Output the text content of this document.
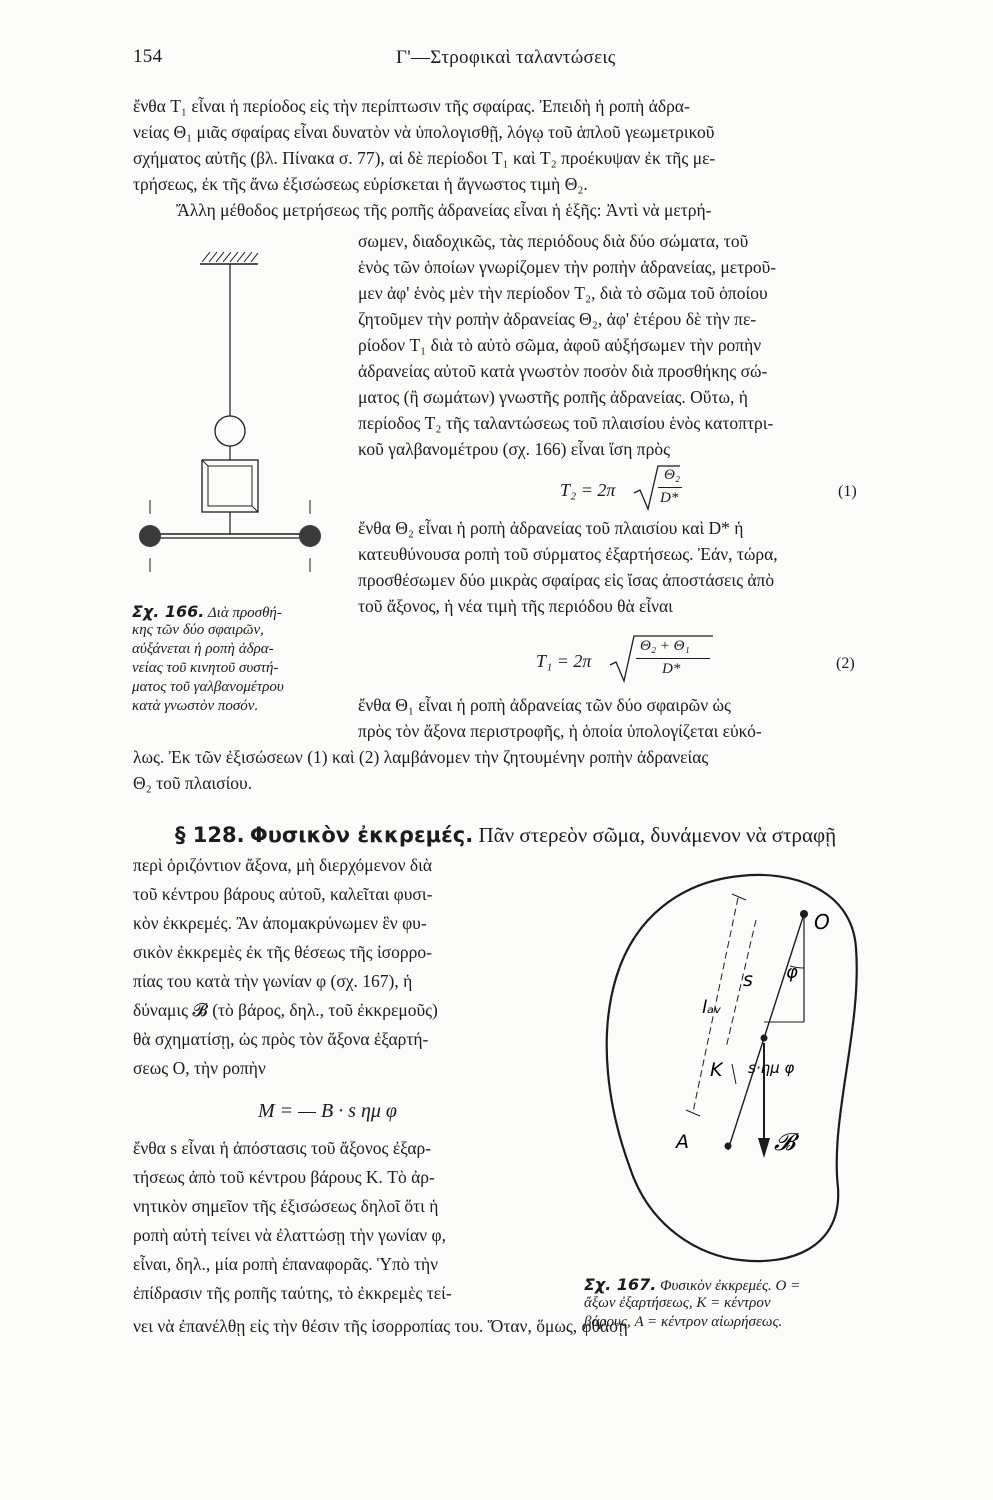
154	Γ'—Στροφικαὶ ταλαντώσεις
ἔνθα T₁ εἶναι ἡ περίοδος εἰς τὴν περίπτωσιν τῆς σφαίρας. Ἐπειδὴ ἡ ροπὴ ἀδρα-
νείας Θ₁ μιᾶς σφαίρας εἶναι δυνατὸν νὰ ὑπολογισθῇ, λόγῳ τοῦ ἁπλοῦ γεωμετρικοῦ
σχήματος αὐτῆς (βλ. Πίνακα σ. 77), αἱ δὲ περίοδοι T₁ καὶ T₂ προέκυψαν ἐκ τῆς με-
τρήσεως, ἐκ τῆς ἄνω ἐξισώσεως εὑρίσκεται ἡ ἄγνωστος τιμὴ Θ₂.
Ἄλλη μέθοδος μετρήσεως τῆς ροπῆς ἀδρανείας εἶναι ἡ ἑξῆς: Ἀντὶ νὰ μετρή-
σωμεν, διαδοχικῶς, τὰς περιόδους διὰ δύο σώματα, τοῦ
ἑνὸς τῶν ὁποίων γνωρίζομεν τὴν ροπὴν ἀδρανείας, μετροῦ-
μεν ἀφ' ἑνὸς μὲν τὴν περίοδον T₂, διὰ τὸ σῶμα τοῦ ὁποίου
ζητοῦμεν τὴν ροπὴν ἀδρανείας Θ₂, ἀφ' ἑτέρου δὲ τὴν πε-
ρίοδον T₁ διὰ τὸ αὐτὸ σῶμα, ἀφοῦ αὐξήσωμεν τὴν ροπὴν
ἀδρανείας αὐτοῦ κατὰ γνωστὸν ποσὸν διὰ προσθήκης σώ-
ματος (ἢ σωμάτων) γνωστῆς ροπῆς ἀδρανείας. Οὕτω, ἡ
περίοδος T₂ τῆς ταλαντώσεως τοῦ πλαισίου ἑνὸς κατοπτρι-
κοῦ γαλβανομέτρου (σχ. 166) εἶναι ἴση πρὸς
T₂ = 2π
Θ₂
D*	(1)
ἔνθα Θ₂ εἶναι ἡ ροπὴ ἀδρανείας τοῦ πλαισίου καὶ D* ἡ
κατευθύνουσα ροπὴ τοῦ σύρματος ἐξαρτήσεως. Ἐάν, τώρα,
προσθέσωμεν δύο μικρὰς σφαίρας εἰς ἴσας ἀποστάσεις ἀπὸ
τοῦ ἄξονος, ἡ νέα τιμὴ τῆς περιόδου θὰ εἶναι
T₁ = 2π
Θ₂ + Θ₁
D*	(2)
ἔνθα Θ₁ εἶναι ἡ ροπὴ ἀδρανείας τῶν δύο σφαιρῶν ὡς
πρὸς τὸν ἄξονα περιστροφῆς, ἡ ὁποία ὑπολογίζεται εὐκό-
λως. Ἐκ τῶν ἐξισώσεων (1) καὶ (2) λαμβάνομεν τὴν ζητουμένην ροπὴν ἀδρανείας
Θ₂ τοῦ πλαισίου.
Σχ. 166. Διὰ προσθή-
κης τῶν δύο σφαιρῶν,
αὐξάνεται ἡ ροπὴ ἀδρα-
νείας τοῦ κινητοῦ συστή-
ματος τοῦ γαλβανομέτρου
κατὰ γνωστὸν ποσόν.
§ 128. Φυσικὸν ἐκκρεμές. Πᾶν στερεὸν σῶμα, δυνάμενον νὰ στραφῇ
περὶ ὁριζόντιον ἄξονα, μὴ διερχόμενον διὰ
τοῦ κέντρου βάρους αὐτοῦ, καλεῖται φυσι-
κὸν ἐκκρεμές. Ἂν ἀπομακρύνωμεν ἓν φυ-
σικὸν ἐκκρεμὲς ἐκ τῆς θέσεως τῆς ἰσορρο-
πίας του κατὰ τὴν γωνίαν φ (σχ. 167), ἡ
δύναμις 𝓑 (τὸ βάρος, δηλ., τοῦ ἐκκρεμοῦς)
θὰ σχηματίσῃ, ὡς πρὸς τὸν ἄξονα ἐξαρτή-
σεως O, τὴν ροπὴν
M = — B · s ημ φ
ἔνθα s εἶναι ἡ ἀπόστασις τοῦ ἄξονος ἐξαρ-
τήσεως ἀπὸ τοῦ κέντρου βάρους K. Τὸ ἀρ-
νητικὸν σημεῖον τῆς ἐξισώσεως δηλοῖ ὅτι ἡ
ροπὴ αὐτὴ τείνει νὰ ἐλαττώσῃ τὴν γωνίαν φ,
εἶναι, δηλ., μία ροπὴ ἐπαναφορᾶς. Ὑπὸ τὴν
ἐπίδρασιν τῆς ροπῆς ταύτης, τὸ ἐκκρεμὲς τεί-
νει νὰ ἐπανέλθῃ εἰς τὴν θέσιν τῆς ἰσορροπίας του. Ὅταν, ὅμως, φθάσῃ
O
s φ
lₐᵥ
K
A
s·ημ φ
𝓑
Σχ. 167. Φυσικὸν ἐκκρεμές. O =
ἄξων ἐξαρτήσεως, K = κέντρον
βάρους, A = κέντρον αἰωρήσεως.
